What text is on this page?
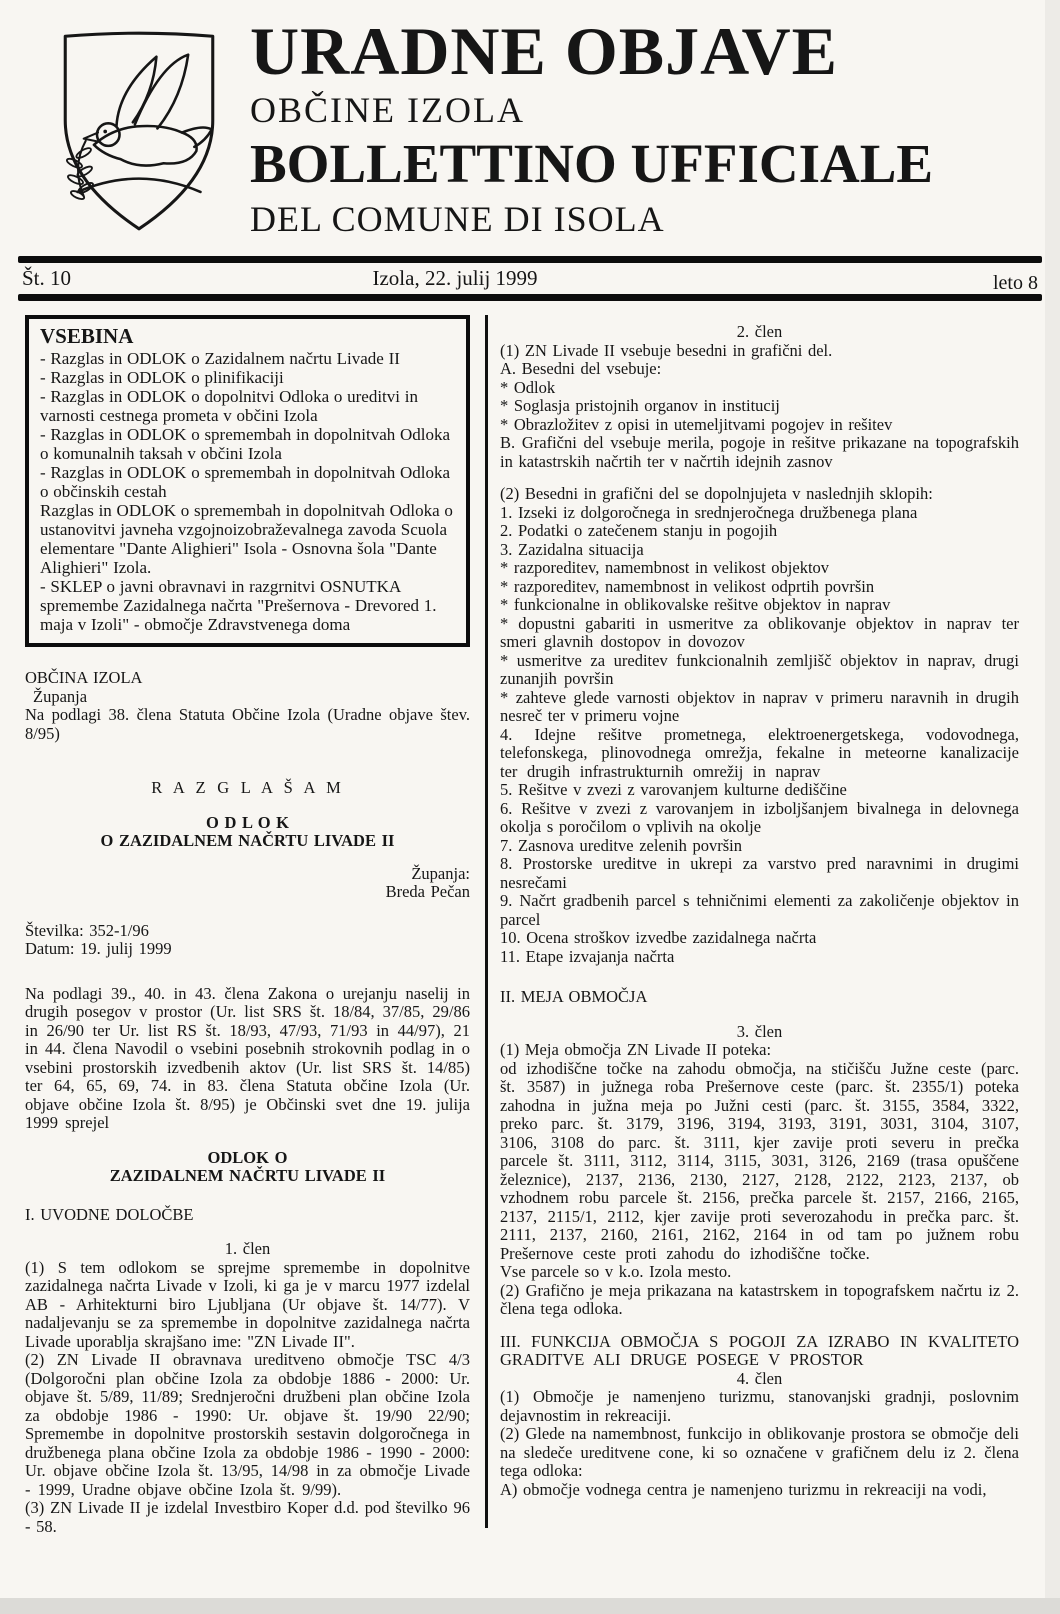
URADNE OBJAVE
OBČINE IZOLA
BOLLETTINO UFFICIALE
DEL COMUNE DI ISOLA
Št. 10	Izola, 22. julij 1999	leto 8
VSEBINA

- Razglas in ODLOK o Zazidalnem načrtu Livade II

- Razglas in ODLOK o plinifikaciji

- Razglas in ODLOK o dopolnitvi Odloka o ureditvi in varnosti cestnega prometa v občini Izola

- Razglas in ODLOK o spremembah in dopolnitvah Odloka o komunalnih taksah v občini Izola

- Razglas in ODLOK o spremembah in dopolnitvah Odloka o občinskih cestah

Razglas in ODLOK o spremembah in dopolnitvah Odloka o ustanovitvi javneha vzgojnoizobraževalnega zavoda Scuola elementare "Dante Alighieri" Isola - Osnovna šola "Dante Alighieri" Izola.

- SKLEP o javni obravnavi in razgrnitvi OSNUTKA spremembe Zazidalnega načrta "Prešernova - Drevored 1. maja v Izoli" - območje Zdravstvenega doma

OBČINA IZOLA

Županja

Na podlagi 38. člena Statuta Občine Izola (Uradne objave štev. 8/95)

R A Z G L A Š A M

O D L O K

O ZAZIDALNEM NAČRTU LIVADE II

Županja:

Breda Pečan

Številka: 352-1/96

Datum: 19. julij 1999

Na podlagi 39., 40. in 43. člena Zakona o urejanju naselij in drugih posegov v prostor (Ur. list SRS št. 18/84, 37/85, 29/86 in 26/90 ter Ur. list RS št. 18/93, 47/93, 71/93 in 44/97), 21 in 44. člena Navodil o vsebini posebnih strokovnih podlag in o vsebini prostorskih izvedbenih aktov (Ur. list SRS št. 14/85) ter 64, 65, 69, 74. in 83. člena Statuta občine Izola (Ur. objave občine Izola št. 8/95) je Občinski svet dne 19. julija 1999 sprejel

ODLOK O

ZAZIDALNEM NAČRTU LIVADE II

I. UVODNE DOLOČBE

1. člen

(1) S tem odlokom se sprejme spremembe in dopolnitve zazidalnega načrta Livade v Izoli, ki ga je v marcu 1977 izdelal AB - Arhitekturni biro Ljubljana (Ur objave št. 14/77). V nadaljevanju se za spremembe in dopolnitve zazidalnega načrta Livade uporablja skrajšano ime: "ZN Livade II".

(2) ZN Livade II obravnava ureditveno območje TSC 4/3 (Dolgoročni plan občine Izola za obdobje 1886 - 2000: Ur. objave št. 5/89, 11/89; Srednjeročni družbeni plan občine Izola za obdobje 1986 - 1990: Ur. objave št. 19/90 22/90; Spremembe in dopolnitve prostorskih sestavin dolgoročnega in družbenega plana občine Izola za obdobje 1986 - 1990 - 2000: Ur. objave občine Izola št. 13/95, 14/98 in za območje Livade - 1999, Uradne objave občine Izola št. 9/99).

(3) ZN Livade II je izdelal Investbiro Koper d.d. pod številko 96 - 58.

2. člen

(1) ZN Livade II vsebuje besedni in grafični del.

A. Besedni del vsebuje:

* Odlok

* Soglasja pristojnih organov in institucij

* Obrazložitev z opisi in utemeljitvami pogojev in rešitev

B. Grafični del vsebuje merila, pogoje in rešitve prikazane na topografskih in katastrskih načrtih ter v načrtih idejnih zasnov

(2) Besedni in grafični del se dopolnjujeta v naslednjih sklopih:

1. Izseki iz dolgoročnega in srednjeročnega družbenega plana

2. Podatki o zatečenem stanju in pogojih

3. Zazidalna situacija

* razporeditev, namembnost in velikost objektov

* razporeditev, namembnost in velikost odprtih površin

* funkcionalne in oblikovalske rešitve objektov in naprav

* dopustni gabariti in usmeritve za oblikovanje objektov in naprav ter smeri glavnih dostopov in dovozov

* usmeritve za ureditev funkcionalnih zemljišč objektov in naprav, drugi zunanjih površin

* zahteve glede varnosti objektov in naprav v primeru naravnih in drugih nesreč ter v primeru vojne

4. Idejne rešitve prometnega, elektroenergetskega, vodovodnega, telefonskega, plinovodnega omrežja, fekalne in meteorne kanalizacije ter drugih infrastrukturnih omrežij in naprav

5. Rešitve v zvezi z varovanjem kulturne dediščine

6. Rešitve v zvezi z varovanjem in izboljšanjem bivalnega in delovnega okolja s poročilom o vplivih na okolje

7. Zasnova ureditve zelenih površin

8. Prostorske ureditve in ukrepi za varstvo pred naravnimi in drugimi nesrečami

9. Načrt gradbenih parcel s tehničnimi elementi za zakoličenje objektov in parcel

10. Ocena stroškov izvedbe zazidalnega načrta

11. Etape izvajanja načrta

II. MEJA OBMOČJA

3. člen

(1) Meja območja ZN Livade II poteka:

od izhodiščne točke na zahodu območja, na stičišču Južne ceste (parc. št. 3587) in južnega roba Prešernove ceste (parc. št. 2355/1) poteka zahodna in južna meja po Južni cesti (parc. št. 3155, 3584, 3322, preko parc. št. 3179, 3196, 3194, 3193, 3191, 3031, 3104, 3107, 3106, 3108 do parc. št. 3111, kjer zavije proti severu in prečka parcele št. 3111, 3112, 3114, 3115, 3031, 3126, 2169 (trasa opuščene železnice), 2137, 2136, 2130, 2127, 2128, 2122, 2123, 2137, ob vzhodnem robu parcele št. 2156, prečka parcele št. 2157, 2166, 2165, 2137, 2115/1, 2112, kjer zavije proti severozahodu in prečka parc. št. 2111, 2137, 2160, 2161, 2162, 2164 in od tam po južnem robu Prešernove ceste proti zahodu do izhodiščne točke.

Vse parcele so v k.o. Izola mesto.

(2) Grafično je meja prikazana na katastrskem in topografskem načrtu iz 2. člena tega odloka.

III. FUNKCIJA OBMOČJA S POGOJI ZA IZRABO IN KVALITETO GRADITVE ALI DRUGE POSEGE V PROSTOR

4. člen

(1) Območje je namenjeno turizmu, stanovanjski gradnji, poslovnim dejavnostim in rekreaciji.

(2) Glede na namembnost, funkcijo in oblikovanje prostora se območje deli na sledeče ureditvene cone, ki so označene v grafičnem delu iz 2. člena tega odloka:

A) območje vodnega centra je namenjeno turizmu in rekreaciji na vodi,
